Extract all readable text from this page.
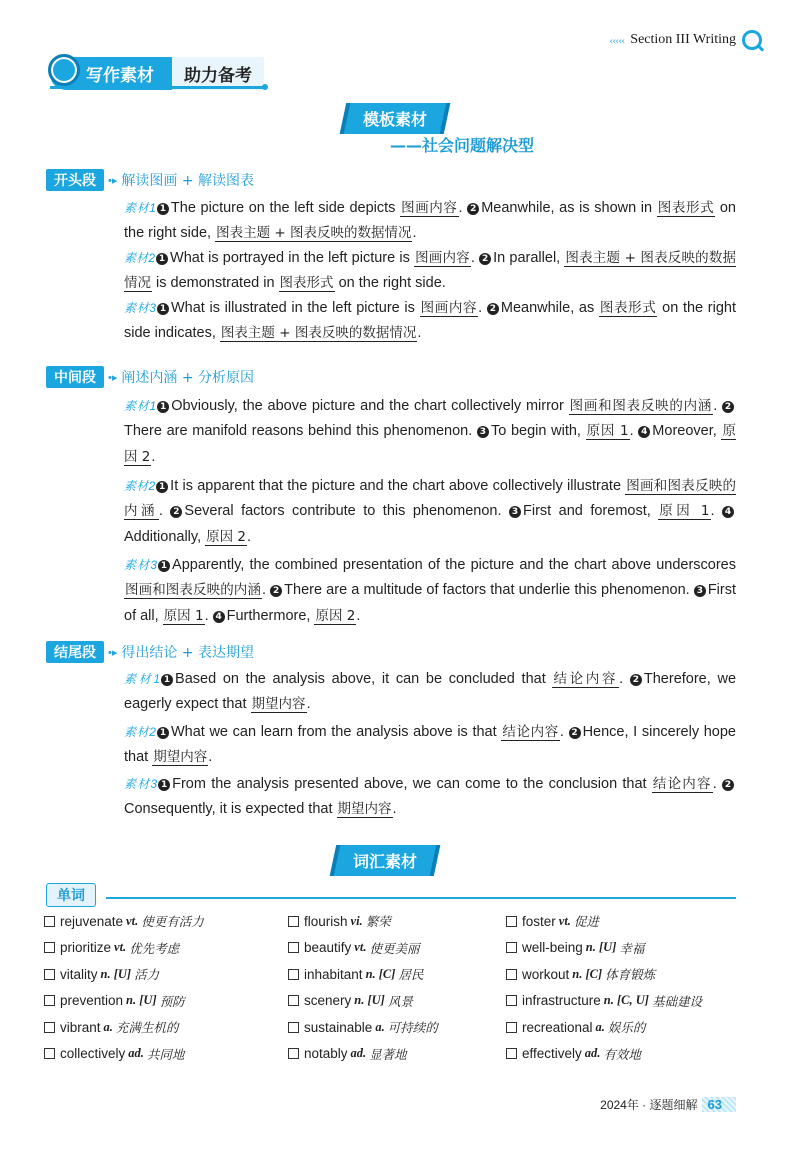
‹‹‹‹‹ Section III Writing
写作素材	助力备考
模板素材
——社会问题解决型
开头段	•▸ 解读图画 + 解读图表
素材1 1 The picture on the left side depicts 图画内容. 2 Meanwhile, as is shown in 图表形式 on the right side, 图表主题 + 图表反映的数据情况.
素材2 1 What is portrayed in the left picture is 图画内容. 2 In parallel, 图表主题 + 图表反映的数据情况 is demonstrated in 图表形式 on the right side.
素材3 1 What is illustrated in the left picture is 图画内容. 2 Meanwhile, as 图表形式 on the right side indicates, 图表主题 + 图表反映的数据情况.
中间段	•▸ 阐述内涵 + 分析原因
素材1 1 Obviously, the above picture and the chart collectively mirror 图画和图表反映的内涵. 2There are manifold reasons behind this phenomenon. 3 To begin with, 原因 1. 4 Moreover, 原因 2.
素材2 1 It is apparent that the picture and the chart above collectively illustrate 图画和图表反映的内涵. 2 Several factors contribute to this phenomenon. 3 First and foremost, 原因 1. 4Additionally, 原因 2.
素材3 1 Apparently, the combined presentation of the picture and the chart above underscores 图画和图表反映的内涵. 2 There are a multitude of factors that underlie this phenomenon. 3 First of all, 原因 1. 4 Furthermore, 原因 2.
结尾段	•▸ 得出结论 + 表达期望
素材1 1 Based on the analysis above, it can be concluded that 结论内容. 2 Therefore, we eagerly expect that 期望内容.
素材2 1 What we can learn from the analysis above is that 结论内容. 2 Hence, I sincerely hope that 期望内容.
素材3 1 From the analysis presented above, we can come to the conclusion that 结论内容. 2Consequently, it is expected that 期望内容.
词汇素材
单词
rejuvenate vt. 使更有活力	flourish vi. 繁荣	foster vt. 促进
prioritize vt. 优先考虑	beautify vt. 使更美丽	well-being n. [U] 幸福
vitality n. [U] 活力	inhabitant n. [C] 居民	workout n. [C] 体育锻炼
prevention n. [U] 预防	scenery n. [U] 风景	infrastructure n. [C, U] 基础建设
vibrant a. 充满生机的	sustainable a. 可持续的	recreational a. 娱乐的
collectively ad. 共同地	notably ad. 显著地	effectively ad. 有效地
2024年 · 逐题细解 63
